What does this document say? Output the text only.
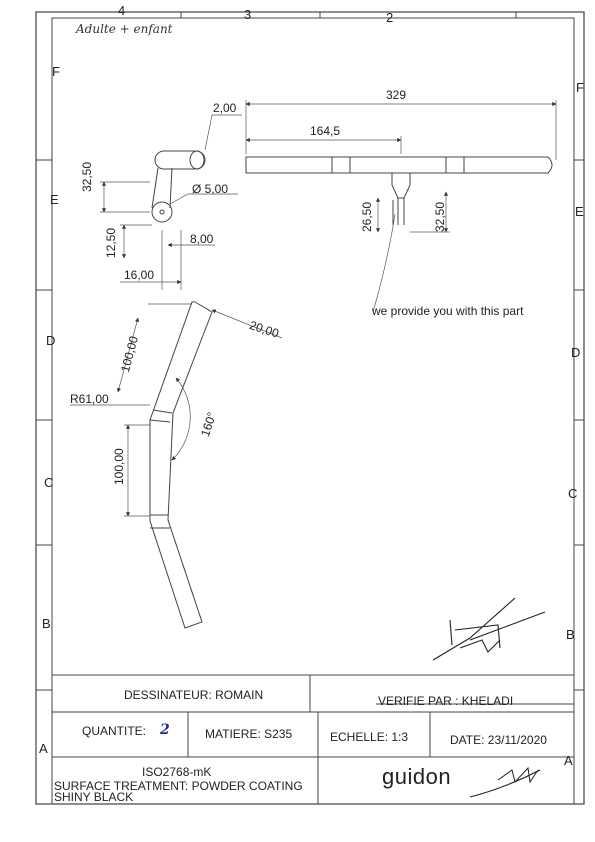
4	3	2
F
E
D
C
B
A
F
E
D
C
B
A
Adulte + enfant
329
164,5
2,00
Ø 5,00
32,50
12,50	8,00
16,00
26,50	32,50
20,00
100,00
R61,00
160°
100,00
we provide you with this part
DESSINATEUR: ROMAIN	VERIFIE PAR : KHELADI
QUANTITE: 2	MATIERE: S235	ECHELLE: 1:3	DATE: 23/11/2020
ISO2768-mK
SURFACE TREATMENT: POWDER COATING
SHINY BLACK
guidon
